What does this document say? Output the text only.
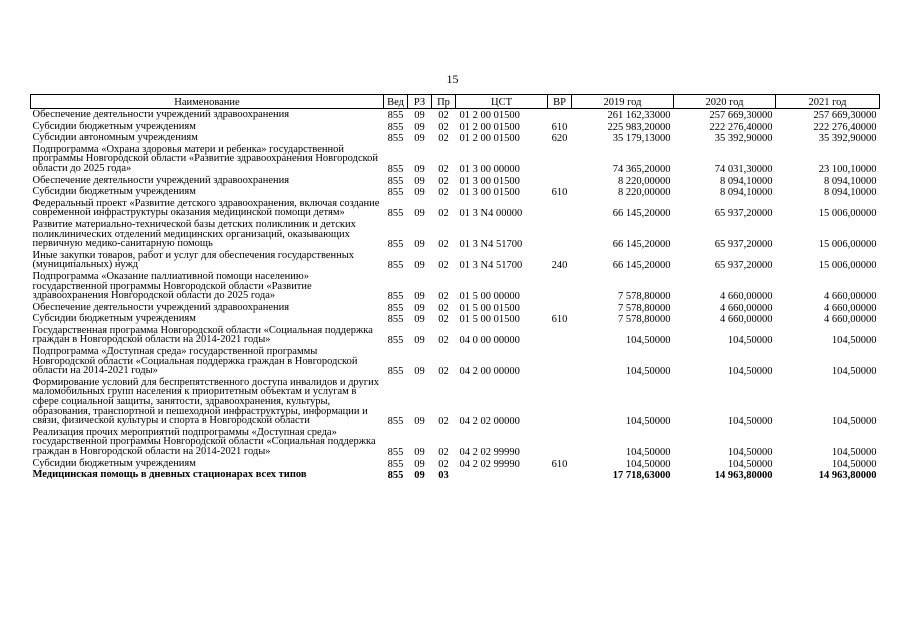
15
Наименование	Вед	РЗ	Пр	ЦСТ	ВР	2019 год	2020 год	2021 год
Обеспечение деятельности учреждений здравоохранения	855	09	02	01 2 00 01500		261 162,33000	257 669,30000	257 669,30000
Субсидии бюджетным учреждениям	855	09	02	01 2 00 01500	610	225 983,20000	222 276,40000	222 276,40000
Субсидии автономным учреждениям	855	09	02	01 2 00 01500	620	35 179,13000	35 392,90000	35 392,90000
Подпрограмма «Охрана здоровья матери и ребенка» государственной программы Новгородской области «Развитие здравоохранения Новгородской области до 2025 года»	855	09	02	01 3 00 00000		74 365,20000	74 031,30000	23 100,10000
Обеспечение деятельности учреждений здравоохранения	855	09	02	01 3 00 01500		8 220,00000	8 094,10000	8 094,10000
Субсидии бюджетным учреждениям	855	09	02	01 3 00 01500	610	8 220,00000	8 094,10000	8 094,10000
Федеральный проект «Развитие детского здравоохранения, включая создание современной инфраструктуры оказания медицинской помощи детям»	855	09	02	01 3 N4 00000		66 145,20000	65 937,20000	15 006,00000
Развитие материально-технической базы детских поликлиник и детских поликлинических отделений медицинских организаций, оказывающих первичную медико-санитарную помощь	855	09	02	01 3 N4 51700		66 145,20000	65 937,20000	15 006,00000
Иные закупки товаров, работ и услуг для обеспечения государственных (муниципальных) нужд	855	09	02	01 3 N4 51700	240	66 145,20000	65 937,20000	15 006,00000
Подпрограмма «Оказание паллиативной помощи населению» государственной программы Новгородской области «Развитие здравоохранения Новгородской области до 2025 года»	855	09	02	01 5 00 00000		7 578,80000	4 660,00000	4 660,00000
Обеспечение деятельности учреждений здравоохранения	855	09	02	01 5 00 01500		7 578,80000	4 660,00000	4 660,00000
Субсидии бюджетным учреждениям	855	09	02	01 5 00 01500	610	7 578,80000	4 660,00000	4 660,00000
Государственная программа Новгородской области «Социальная поддержка граждан в Новгородской области на 2014-2021 годы»	855	09	02	04 0 00 00000		104,50000	104,50000	104,50000
Подпрограмма «Доступная среда» государственной программы Новгородской области «Социальная поддержка граждан в Новгородской области на 2014-2021 годы»	855	09	02	04 2 00 00000		104,50000	104,50000	104,50000
Формирование условий для беспрепятственного доступа инвалидов и других маломобильных групп населения к приоритетным объектам и услугам в сфере социальной защиты, занятости, здравоохранения, культуры, образования, транспортной и пешеходной инфраструктуры, информации и связи, физической культуры и спорта в Новгородской области	855	09	02	04 2 02 00000		104,50000	104,50000	104,50000
Реализация прочих мероприятий подпрограммы «Доступная среда» государственной программы Новгородской области «Социальная поддержка граждан в Новгородской области на 2014-2021 годы»	855	09	02	04 2 02 99990		104,50000	104,50000	104,50000
Субсидии бюджетным учреждениям	855	09	02	04 2 02 99990	610	104,50000	104,50000	104,50000
Медицинская помощь в дневных стационарах всех типов	855	09	03			17 718,63000	14 963,80000	14 963,80000
